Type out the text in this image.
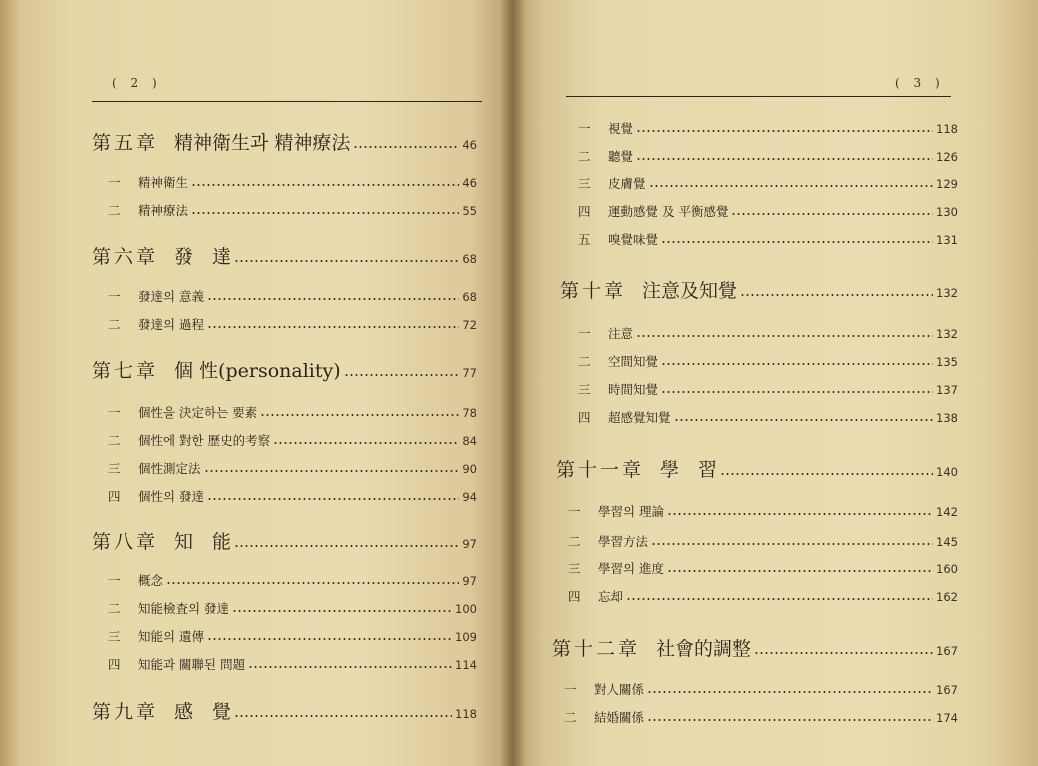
( 2 )
第五章 精神衛生과 精神療法	46
一	精神衛生	46
二	精神療法	55
第六章 發　達	68
一	發達의 意義	68
二	發達의 過程	72
第七章 個 性(personality)	77
一	個性을 決定하는 要素	78
二	個性에 對한 歷史的考察	84
三	個性測定法	90
四	個性의 發達	94
第八章 知　能	97
一	概念	97
二	知能檢査의 發達	100
三	知能의 遺傳	109
四	知能과 關聯된 問題	114
第九章 感　覺	118
( 3 )
一	視覺	118
二	聽覺	126
三	皮膚覺	129
四	運動感覺 及 平衡感覺	130
五	嗅覺味覺	131
第十章 注意及知覺	132
一	注意	132
二	空間知覺	135
三	時間知覺	137
四	超感覺知覺	138
第十一章 學　習	140
一	學習의 理論	142
二	學習方法	145
三	學習의 進度	160
四	忘却	162
第十二章 社會的調整	167
一	對人關係	167
二	結婚關係	174
